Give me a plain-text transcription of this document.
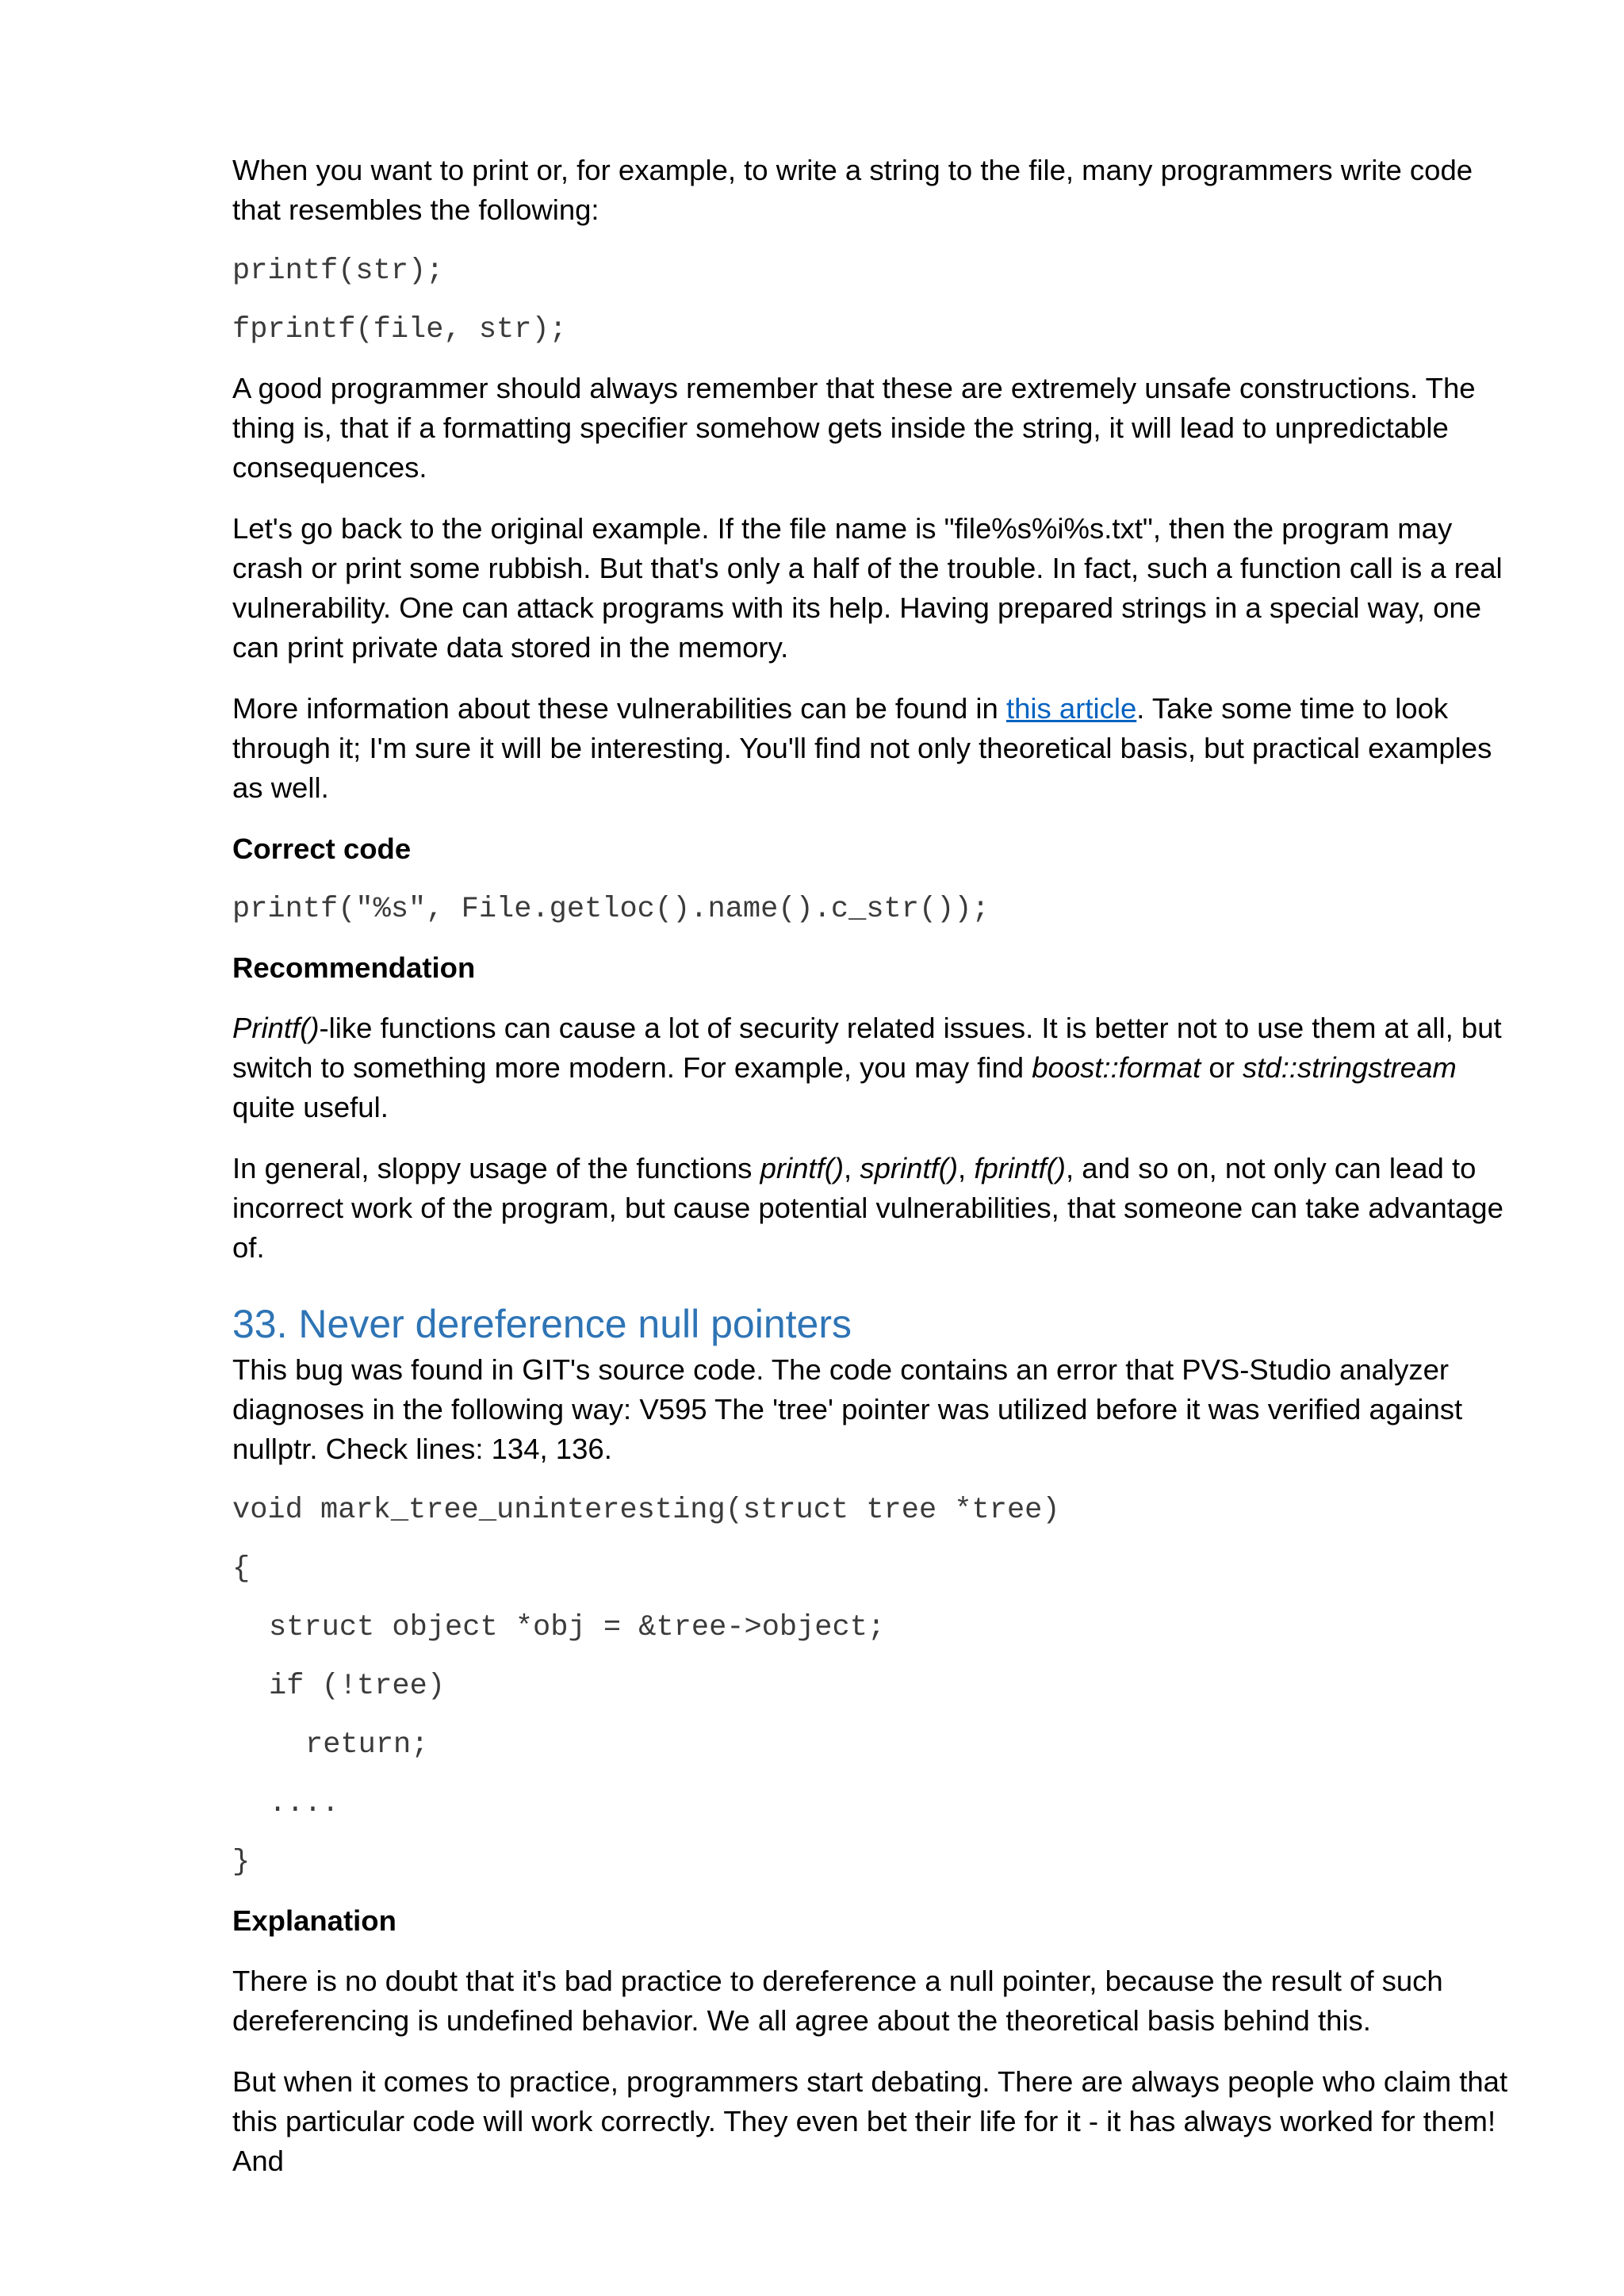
When you want to print or, for example, to write a string to the file, many programmers write code that resembles the following:

printf(str);
fprintf(file, str);

A good programmer should always remember that these are extremely unsafe constructions. The thing is, that if a formatting specifier somehow gets inside the string, it will lead to unpredictable consequences.

Let's go back to the original example. If the file name is "file%s%i%s.txt", then the program may crash or print some rubbish. But that's only a half of the trouble. In fact, such a function call is a real vulnerability. One can attack programs with its help. Having prepared strings in a special way, one can print private data stored in the memory.

More information about these vulnerabilities can be found in this article. Take some time to look through it; I'm sure it will be interesting. You'll find not only theoretical basis, but practical examples as well.

Correct code
printf("%s", File.getloc().name().c_str());
Recommendation

Printf()-like functions can cause a lot of security related issues. It is better not to use them at all, but switch to something more modern. For example, you may find boost::format or std::stringstream quite useful.

In general, sloppy usage of the functions printf(), sprintf(), fprintf(), and so on, not only can lead to incorrect work of the program, but cause potential vulnerabilities, that someone can take advantage of.

33. Never dereference null pointers

This bug was found in GIT's source code. The code contains an error that PVS-Studio analyzer diagnoses in the following way: V595 The 'tree' pointer was utilized before it was verified against nullptr. Check lines: 134, 136.

void mark_tree_uninteresting(struct tree *tree)
{
struct object *obj = &tree->object;
if (!tree)
return;
....
}
Explanation

There is no doubt that it's bad practice to dereference a null pointer, because the result of such dereferencing is undefined behavior. We all agree about the theoretical basis behind this.

But when it comes to practice, programmers start debating. There are always people who claim that this particular code will work correctly. They even bet their life for it - it has always worked for them! And
